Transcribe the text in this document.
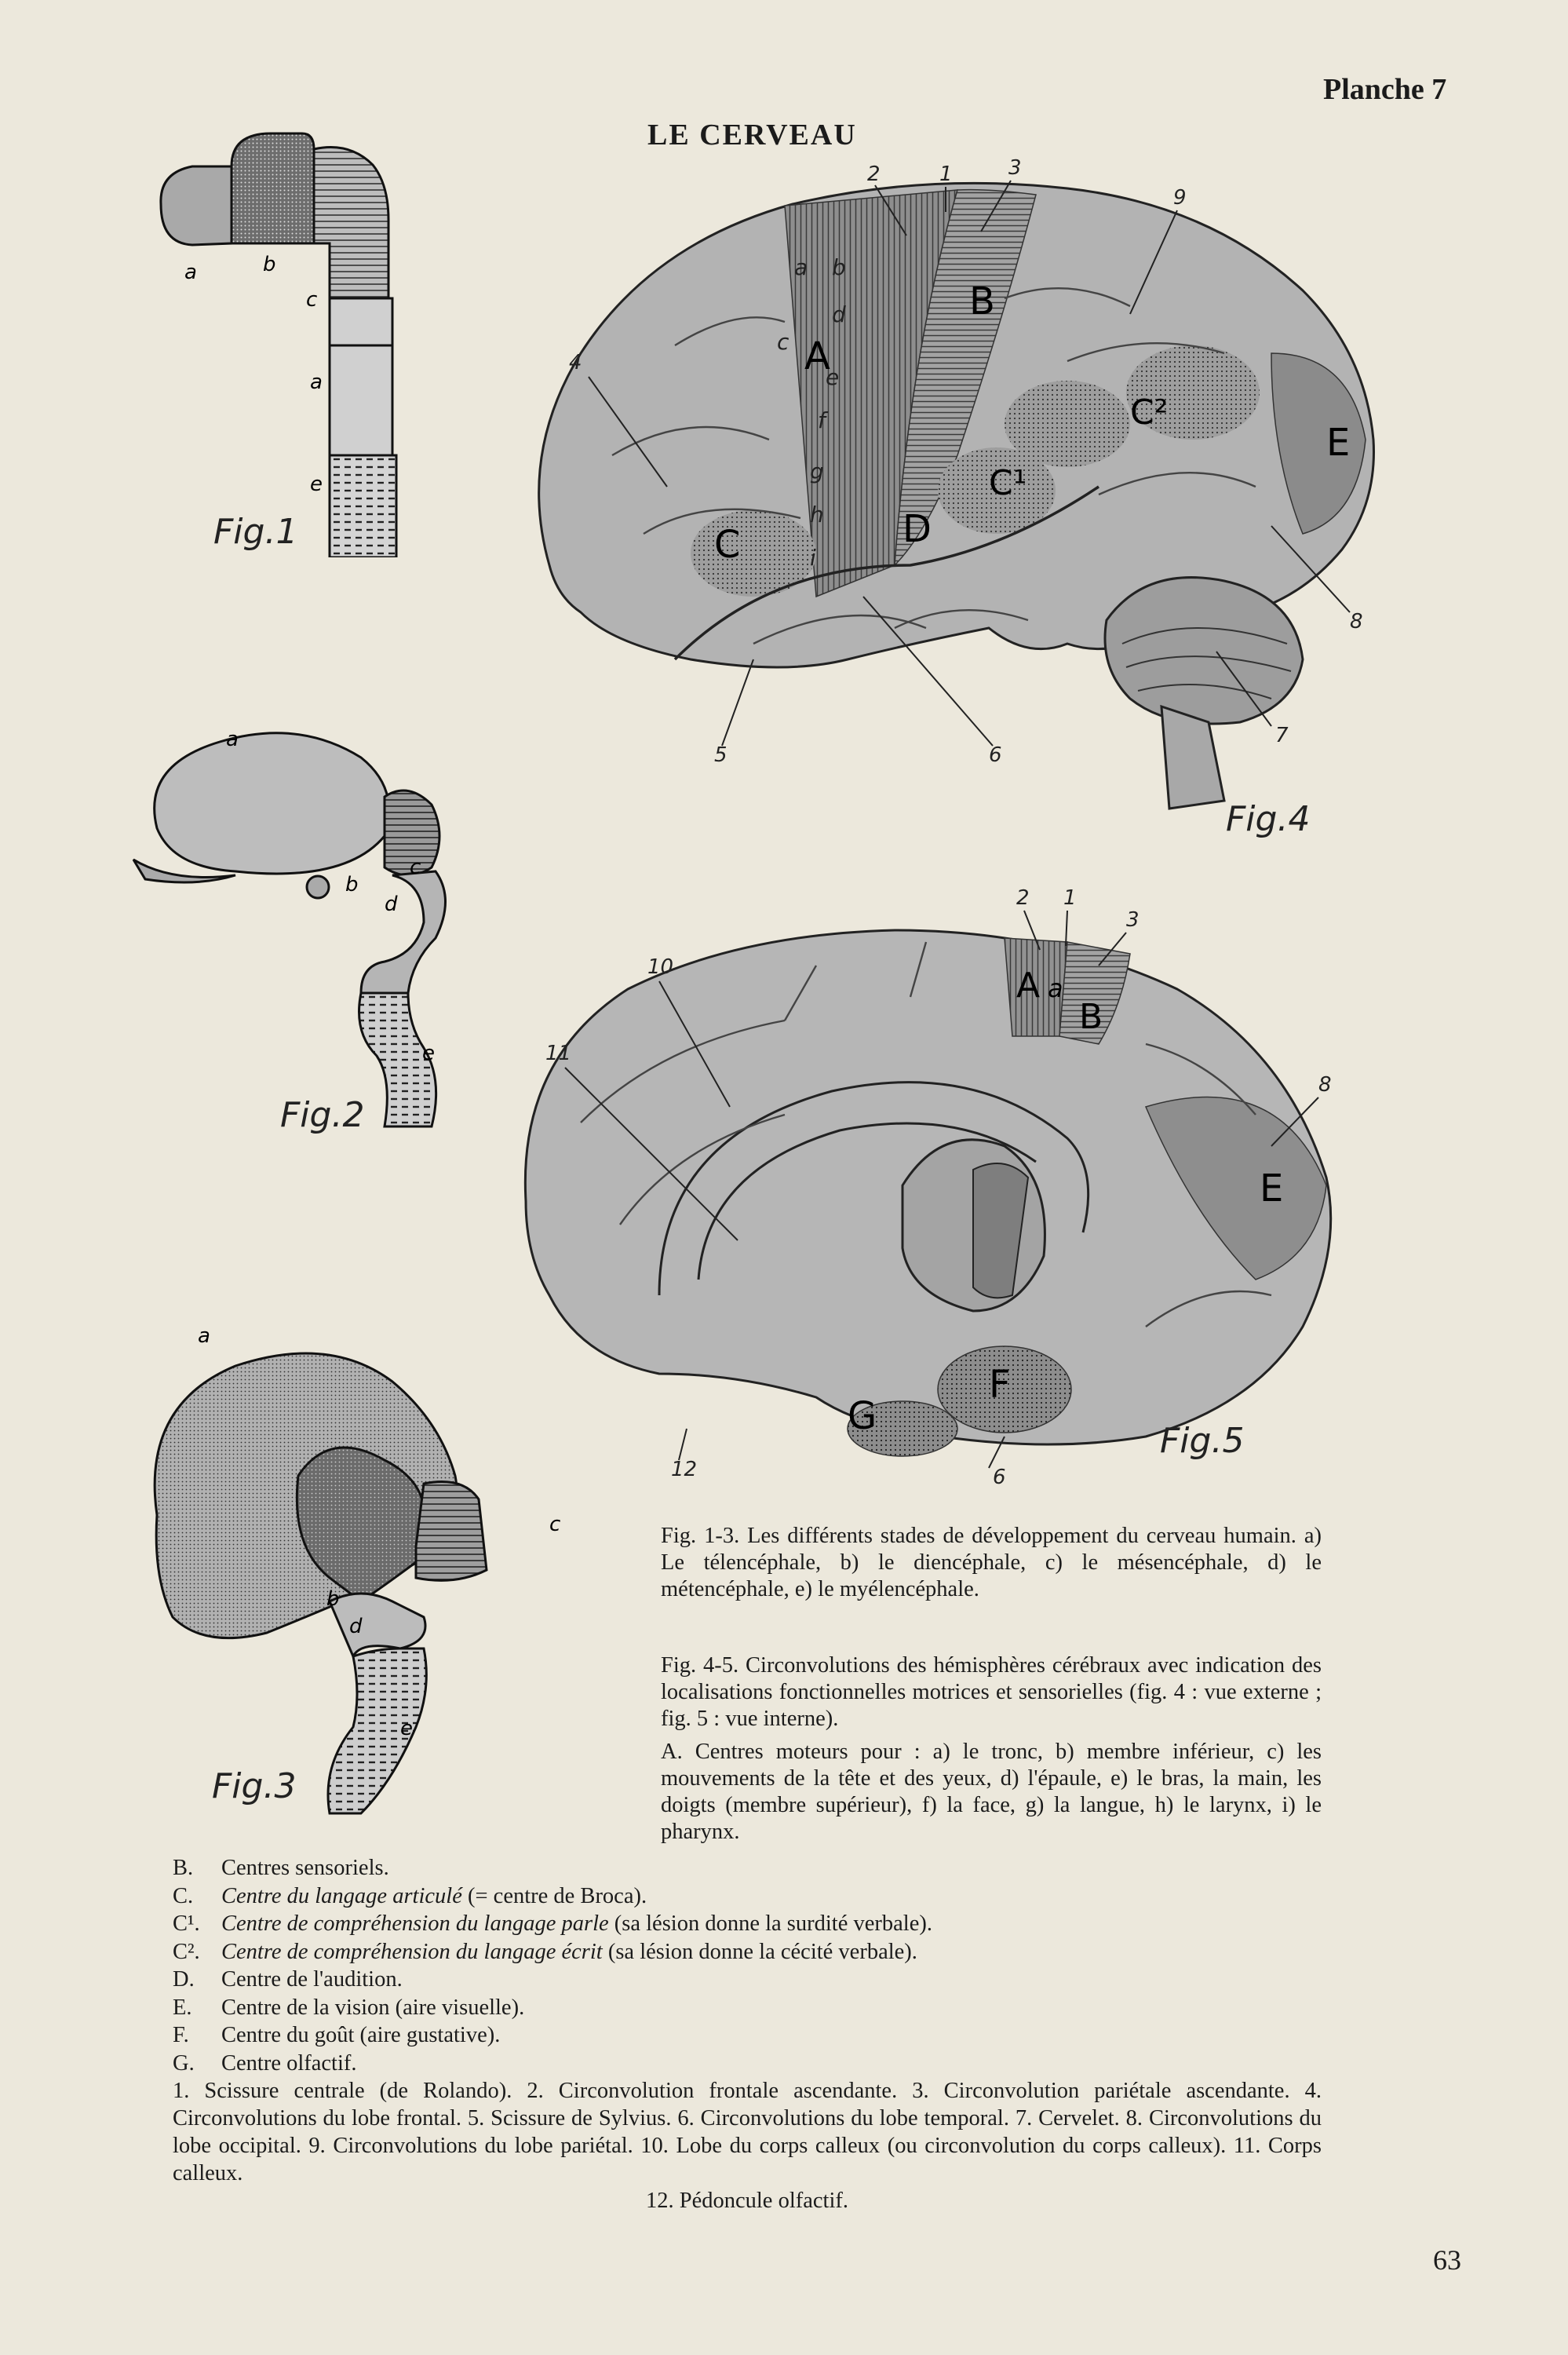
Planche 7
LE CERVEAU
a	b
c
a
e
Fig.1
a
b
c
d
e
Fig.2
a
b
c
d
e
Fig.3
A
B
C
C¹
C²
D
E
a b
c
d
e
f
g
h
i
1
2	3
4
5	6
7
8
9
Fig.4
A a
B
E
F
G
1
2
3
6
8
10
11
12
Fig.5
Fig. 1-3. Les différents stades de développement du cerveau humain. a) Le télencéphale, b) le diencéphale, c) le mésencéphale, d) le métencéphale, e) le myélencéphale.
Fig. 4-5. Circonvolutions des hémisphères cérébraux avec indication des localisations fonctionnelles motrices et sensorielles (fig. 4 : vue externe ; fig. 5 : vue interne).
A. Centres moteurs pour : a) le tronc, b) membre inférieur, c) les mouvements de la tête et des yeux, d) l'épaule, e) le bras, la main, les doigts (membre supérieur), f) la face, g) la langue, h) le larynx, i) le pharynx.
B. Centres sensoriels.
C. Centre du langage articulé (= centre de Broca).
C¹. Centre de compréhension du langage parle (sa lésion donne la surdité verbale).
C². Centre de compréhension du langage écrit (sa lésion donne la cécité verbale).
D. Centre de l'audition.
E. Centre de la vision (aire visuelle).
F. Centre du goût (aire gustative).
G. Centre olfactif.
1. Scissure centrale (de Rolando). 2. Circonvolution frontale ascendante. 3. Circonvolution pariétale ascendante. 4. Circonvolutions du lobe frontal. 5. Scissure de Sylvius. 6. Circonvolutions du lobe temporal. 7. Cervelet. 8. Circonvolutions du lobe occipital. 9. Circonvolutions du lobe pariétal. 10. Lobe du corps calleux (ou circonvolution du corps calleux). 11. Corps calleux.
12. Pédoncule olfactif.
63
